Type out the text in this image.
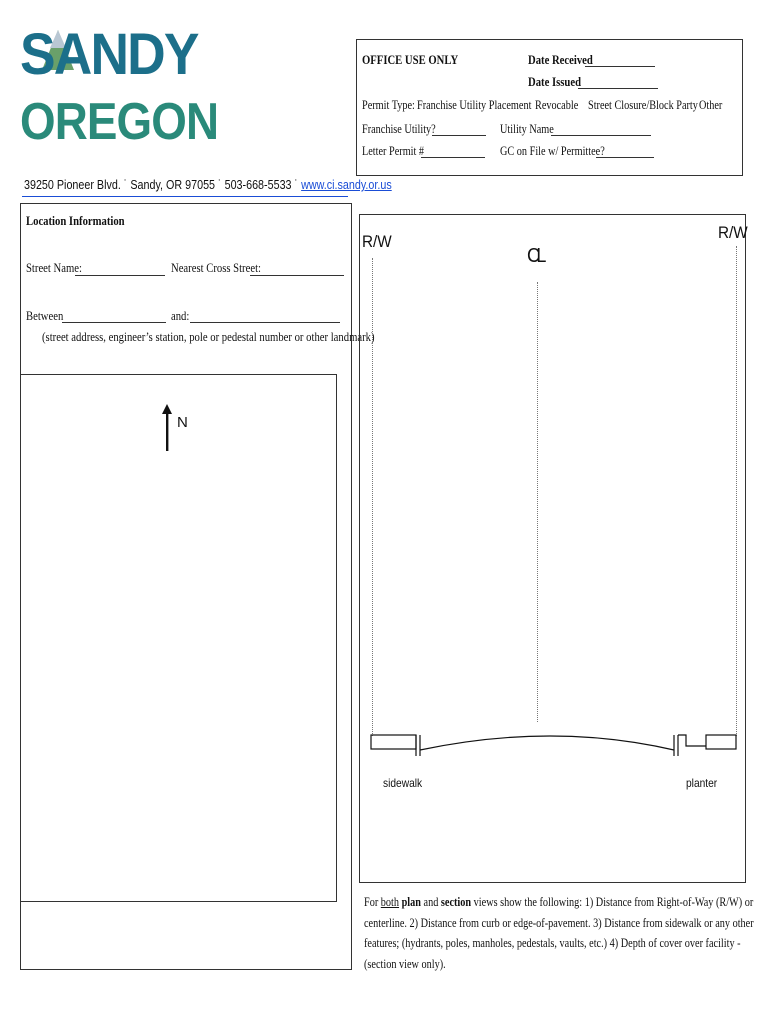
SANDY
OREGON
OFFICE USE ONLY	Date Received
Date Issued
Permit Type: Franchise Utility Placement Revocable Street Closure/Block Party Other
Franchise Utility?	Utility Name
Letter Permit #	GC on File w/ Permittee?
39250 Pioneer Blvd. ˙ Sandy, OR 97055 ˙ 503-668-5533 ˙ www.ci.sandy.or.us
Location Information
Street Name:	Nearest Cross Street:
Between	and:
(street address, engineer’s station, pole or pedestal number or other landmark)
N
R/W	R/W
CL
sidewalk	planter
For both plan and section views show the following: 1) Distance from Right-of-Way (R/W) or centerline. 2) Distance from curb or edge-of-pavement. 3) Distance from sidewalk or any other features; (hydrants, poles, manholes, pedestals, vaults, etc.) 4) Depth of cover over facility - (section view only).
